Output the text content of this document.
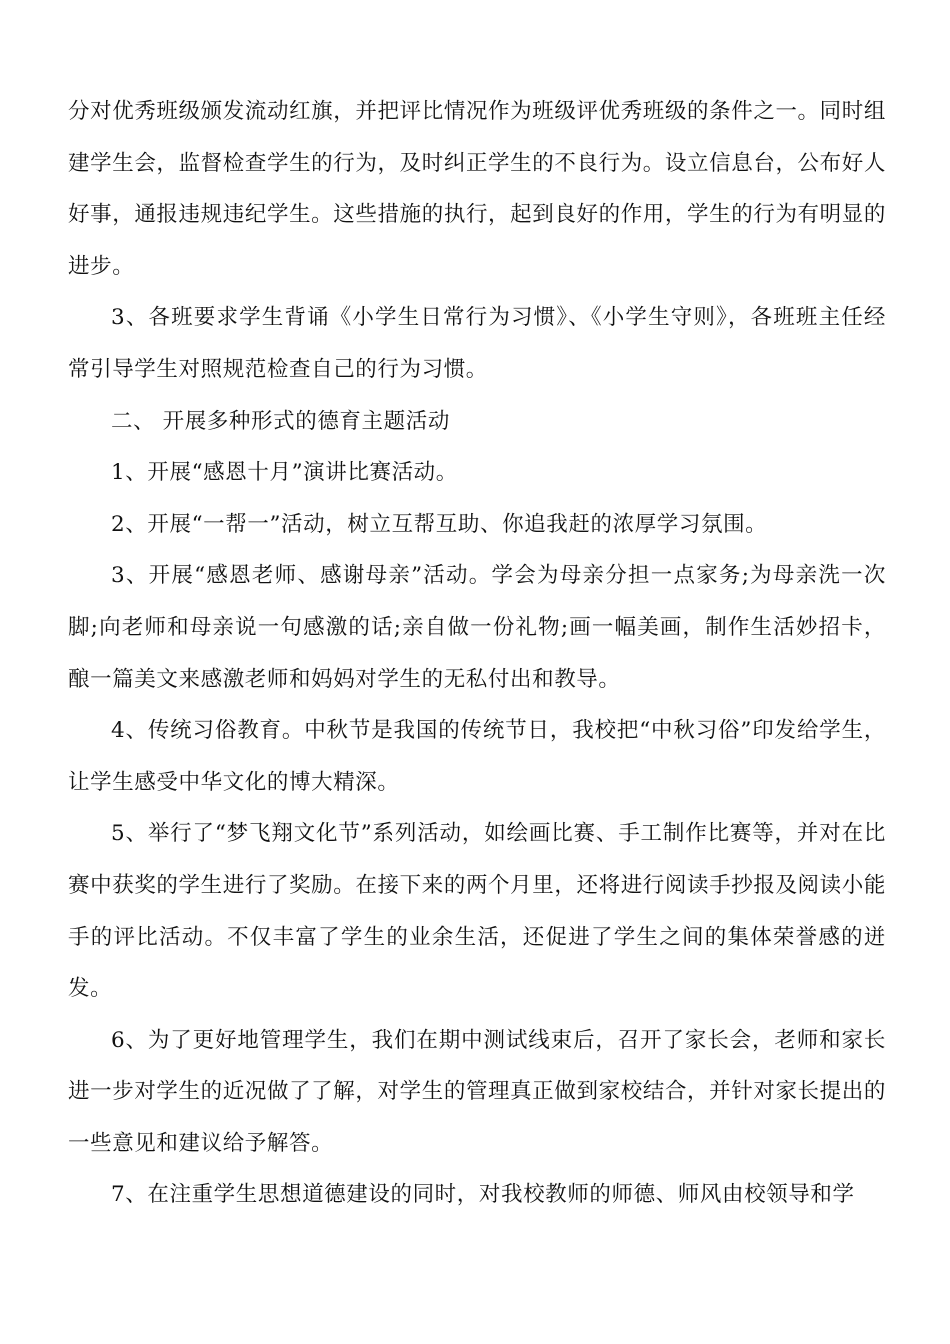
分对优秀班级颁发流动红旗，并把评比情况作为班级评优秀班级的条件之一。同时组建学生会，监督检查学生的行为，及时纠正学生的不良行为。设立信息台，公布好人好事，通报违规违纪学生。这些措施的执行，起到良好的作用，学生的行为有明显的进步。

3、各班要求学生背诵《小学生日常行为习惯》、《小学生守则》，各班班主任经常引导学生对照规范检查自己的行为习惯。

二、 开展多种形式的德育主题活动

1、开展“感恩十月”演讲比赛活动。

2、开展“一帮一”活动，树立互帮互助、你追我赶的浓厚学习氛围。

3、开展“感恩老师、感谢母亲”活动。学会为母亲分担一点家务;为母亲洗一次脚;向老师和母亲说一句感激的话;亲自做一份礼物;画一幅美画，制作生活妙招卡，酿一篇美文来感激老师和妈妈对学生的无私付出和教导。

4、传统习俗教育。中秋节是我国的传统节日，我校把“中秋习俗”印发给学生，让学生感受中华文化的博大精深。

5、举行了“梦飞翔文化节”系列活动，如绘画比赛、手工制作比赛等，并对在比赛中获奖的学生进行了奖励。在接下来的两个月里，还将进行阅读手抄报及阅读小能手的评比活动。不仅丰富了学生的业余生活，还促进了学生之间的集体荣誉感的迸发。

6、为了更好地管理学生，我们在期中测试线束后，召开了家长会，老师和家长进一步对学生的近况做了了解，对学生的管理真正做到家校结合，并针对家长提出的一些意见和建议给予解答。

7、在注重学生思想道德建设的同时，对我校教师的师德、师风由校领导和学
